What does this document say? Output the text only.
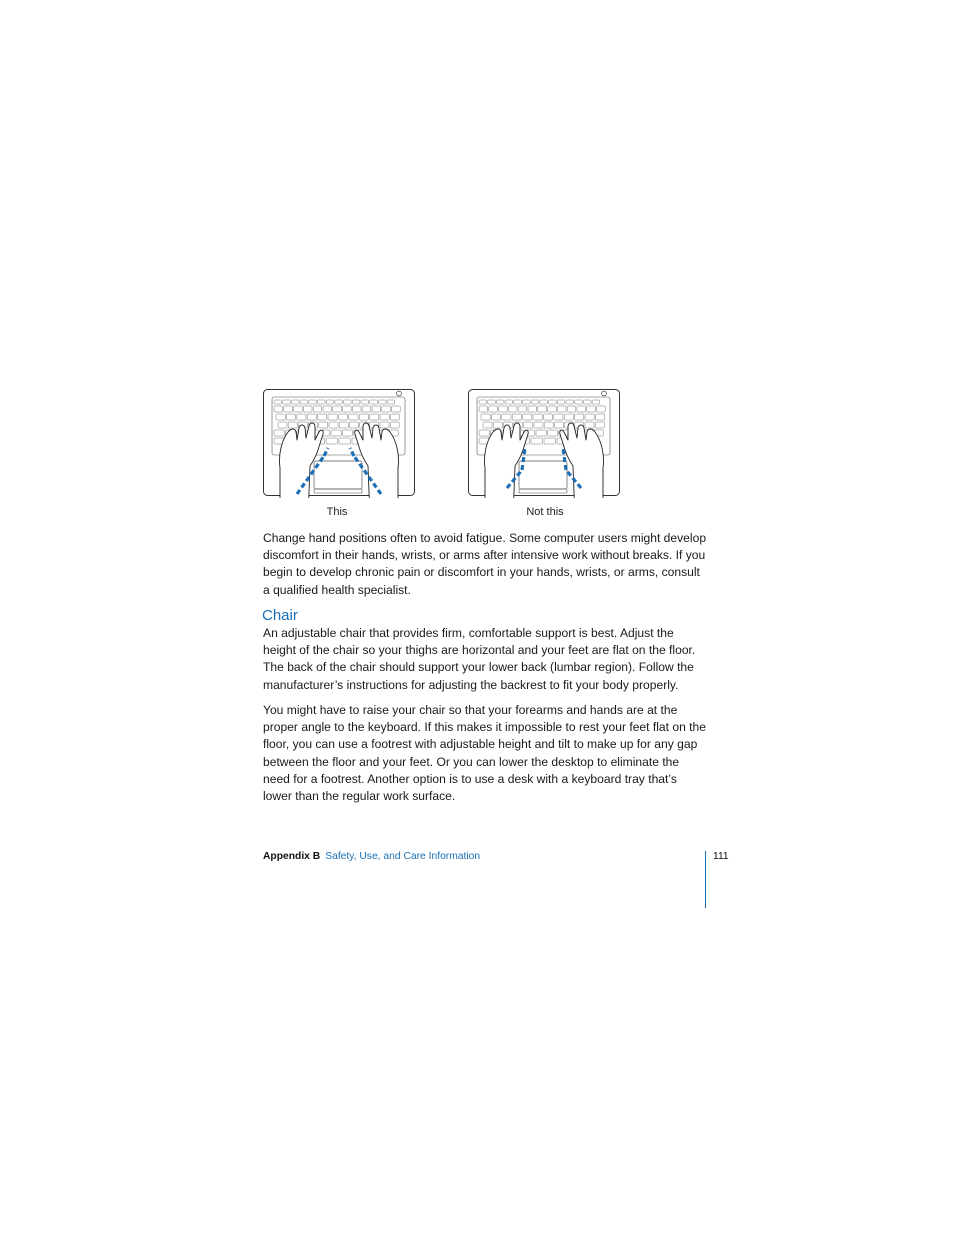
This	Not this

Change hand positions often to avoid fatigue. Some computer users might develop discomfort in their hands, wrists, or arms after intensive work without breaks. If you begin to develop chronic pain or discomfort in your hands, wrists, or arms, consult a qualified health specialist.

Chair

An adjustable chair that provides firm, comfortable support is best. Adjust the height of the chair so your thighs are horizontal and your feet are flat on the floor. The back of the chair should support your lower back (lumbar region). Follow the manufacturer’s instructions for adjusting the backrest to fit your body properly.

You might have to raise your chair so that your forearms and hands are at the proper angle to the keyboard. If this makes it impossible to rest your feet flat on the floor, you can use a footrest with adjustable height and tilt to make up for any gap between the floor and your feet. Or you can lower the desktop to eliminate the need for a footrest. Another option is to use a desk with a keyboard tray that’s lower than the regular work surface.

Appendix B Safety, Use, and Care Information	111
